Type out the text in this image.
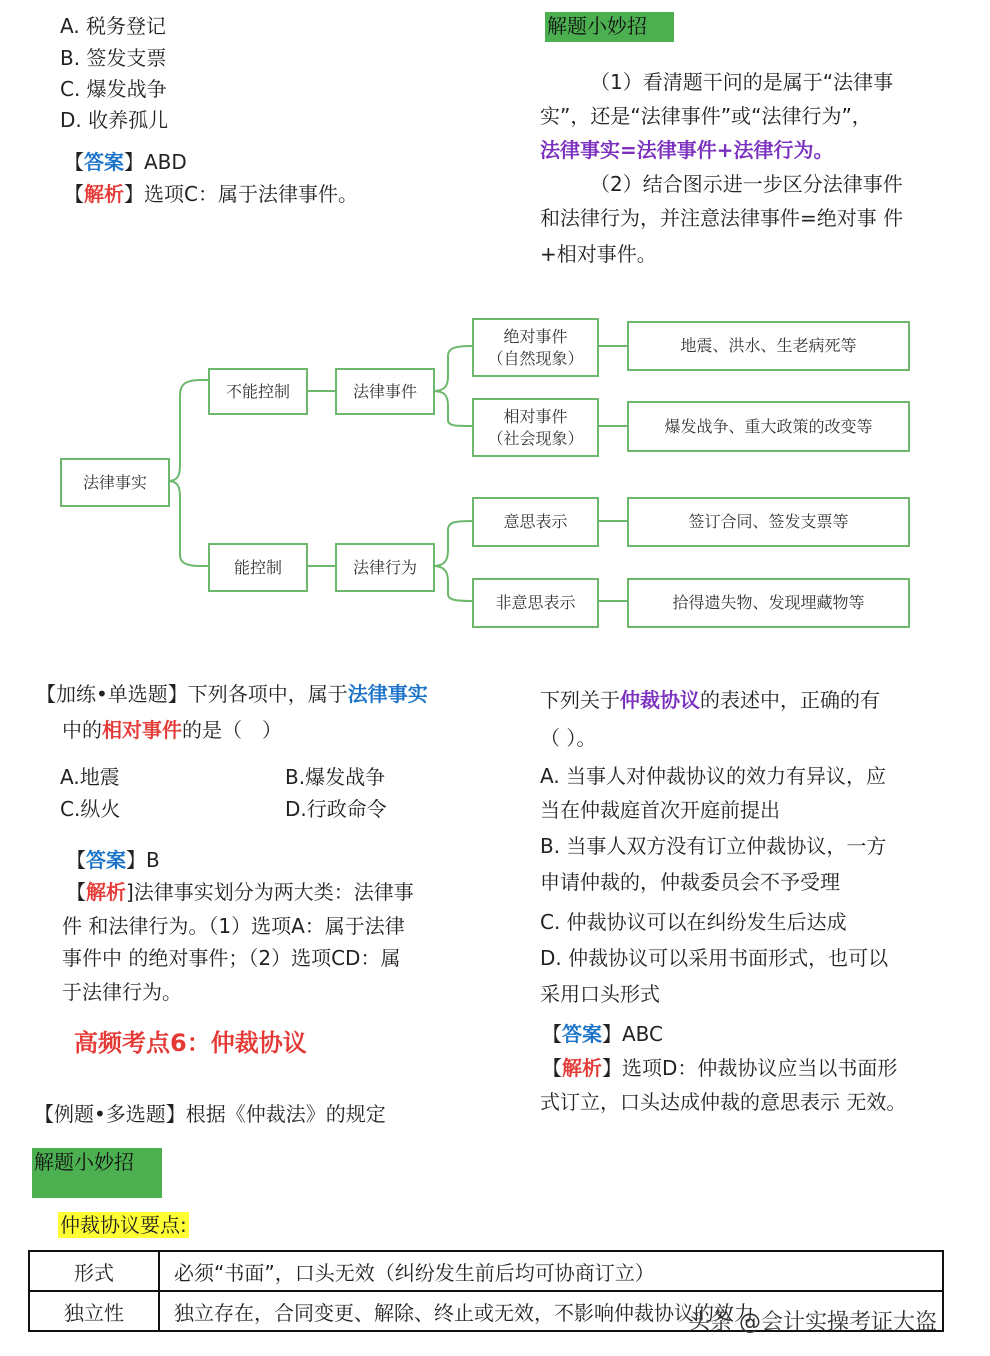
A. 税务登记
B. 签发支票
C. 爆发战争
D. 收养孤儿
【答案】ABD
【解析】选项C：属于法律事件。
解题小妙招
（1）看清题干问的是属于“法律事
实”，还是“法律事件”或“法律行为”，
法律事实=法律事件+法律行为。
（2）结合图示进一步区分法律事件
和法律行为，并注意法律事件=绝对事 件
+相对事件。
法律事实
不能控制	法律事件
能控制	法律行为
绝对事件
（自然现象）
相对事件
（社会现象）
意思表示
非意思表示
地震、洪水、生老病死等
爆发战争、重大政策的改变等
签订合同、签发支票等
拾得遗失物、发现埋藏物等
【加练•单选题】下列各项中，属于法律事实
中的相对事件的是（　）
A.地震	B.爆发战争
C.纵火	D.行政命令
【答案】B
【解析]法律事实划分为两大类：法律事
件 和法律行为。（1）选项A：属于法律
事件中 的绝对事件；（2）选项CD：属
于法律行为。
高频考点6：仲裁协议
【例题•多选题】根据《仲裁法》的规定
下列关于仲裁协议的表述中，正确的有
（ ）。
A. 当事人对仲裁协议的效力有异议，应
当在仲裁庭首次开庭前提出
B. 当事人双方没有订立仲裁协议，一方
申请仲裁的，仲裁委员会不予受理
C. 仲裁协议可以在纠纷发生后达成
D. 仲裁协议可以采用书面形式，也可以
采用口头形式
【答案】ABC
【解析】选项D：仲裁协议应当以书面形
式订立，口头达成仲裁的意思表示 无效。
解题小妙招
仲裁协议要点:
形式	必须“书面”，口头无效（纠纷发生前后均可协商订立）
独立性	独立存在，合同变更、解除、终止或无效，不影响仲裁协议的效力
头条 @会计实操考证大盗
